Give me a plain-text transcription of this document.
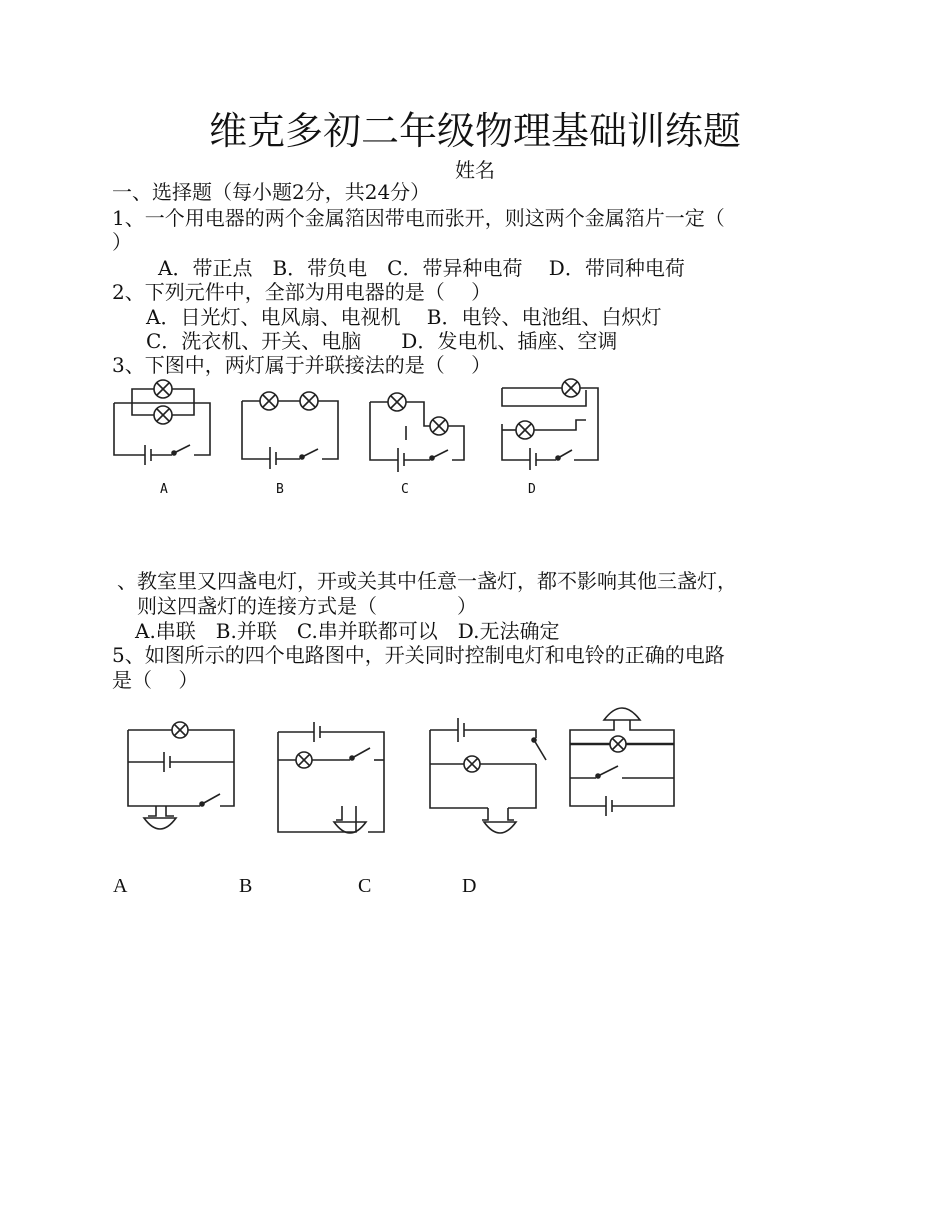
维克多初二年级物理基础训练题
姓名
一、选择题（每小题2分，共24分）
1、一个用电器的两个金属箔因带电而张开，则这两个金属箔片一定（
）
A．带正点　B．带负电　C．带异种电荷　 D．带同种电荷
2、下列元件中，全部为用电器的是（　 ）
A．日光灯、电风扇、电视机　 B．电铃、电池组、白炽灯
C．洗衣机、开关、电脑　　D．发电机、插座、空调
3、下图中，两灯属于并联接法的是（　 ）
A	B	C	D
、教室里又四盏电灯，开或关其中任意一盏灯，都不影响其他三盏灯，
则这四盏灯的连接方式是（　　　　）
A.串联　B.并联　C.串并联都可以　D.无法确定
5、如图所示的四个电路图中，开关同时控制电灯和电铃的正确的电路
是（　 ）
A	B	C	D
